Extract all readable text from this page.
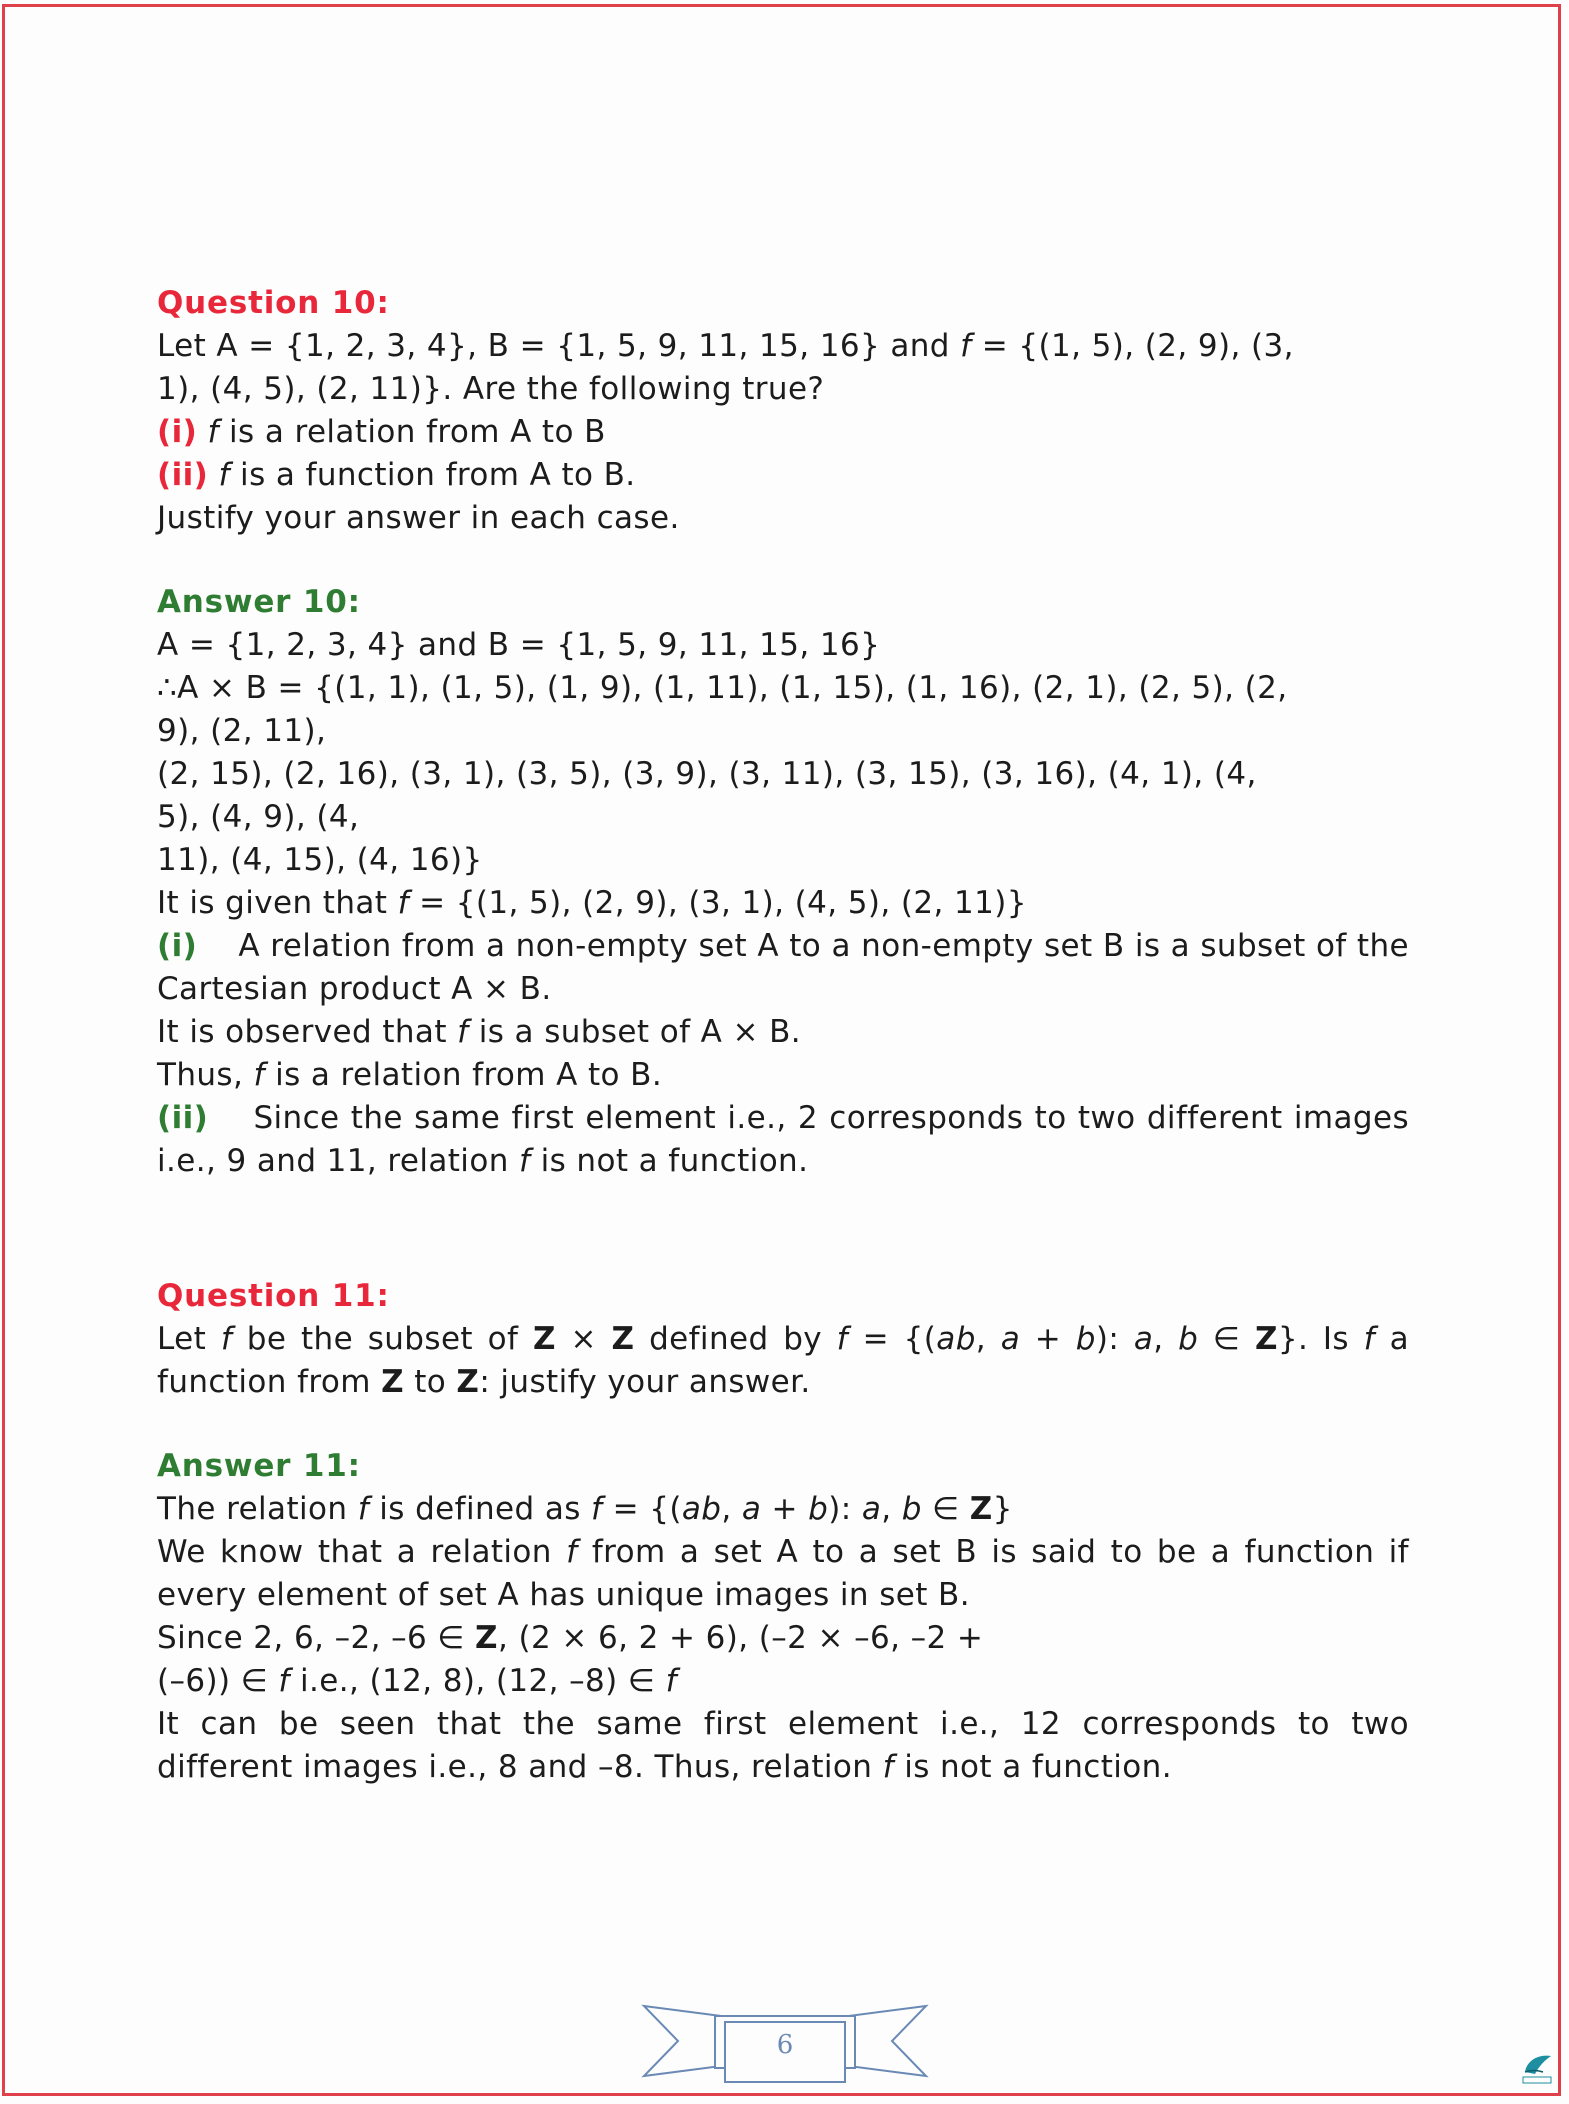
Question 10:
Let A = {1, 2, 3, 4}, B = {1, 5, 9, 11, 15, 16} and f = {(1, 5), (2, 9), (3,
1), (4, 5), (2, 11)}. Are the following true?
(i) f is a relation from A to B
(ii) f is a function from A to B.
Justify your answer in each case.
Answer 10:
A = {1, 2, 3, 4} and B = {1, 5, 9, 11, 15, 16}
∴A × B = {(1, 1), (1, 5), (1, 9), (1, 11), (1, 15), (1, 16), (2, 1), (2, 5), (2,
9), (2, 11),
(2, 15), (2, 16), (3, 1), (3, 5), (3, 9), (3, 11), (3, 15), (3, 16), (4, 1), (4,
5), (4, 9), (4,
11), (4, 15), (4, 16)}
It is given that f = {(1, 5), (2, 9), (3, 1), (4, 5), (2, 11)}
(i) A relation from a non-empty set A to a non-empty set B is a subset of the Cartesian product A × B.
It is observed that f is a subset of A × B.
Thus, f is a relation from A to B.
(ii) Since the same first element i.e., 2 corresponds to two different images i.e., 9 and 11, relation f is not a function.
Question 11:
Let f be the subset of Z × Z defined by f = {(ab, a + b): a, b ∈ Z}. Is f a function from Z to Z: justify your answer.
Answer 11:
The relation f is defined as f = {(ab, a + b): a, b ∈ Z}
We know that a relation f from a set A to a set B is said to be a function if every element of set A has unique images in set B.
Since 2, 6, –2, –6 ∈ Z, (2 × 6, 2 + 6), (–2 × –6, –2 +
(–6)) ∈ f i.e., (12, 8), (12, –8) ∈ f
It can be seen that the same first element i.e., 12 corresponds to two different images i.e., 8 and –8. Thus, relation f is not a function.
6
